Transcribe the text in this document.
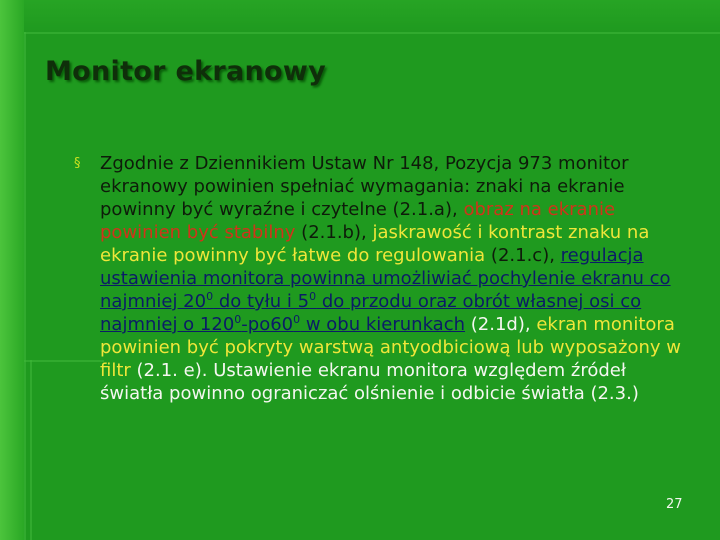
Monitor ekranowy
§ Zgodnie z Dziennikiem Ustaw Nr 148, Pozycja 973 monitor ekranowy powinien spełniać wymagania: znaki na ekranie powinny być wyraźne i czytelne (2.1.a), obraz na ekranie powinien być stabilny (2.1.b), jaskrawość i kontrast znaku na ekranie powinny być łatwe do regulowania (2.1.c), regulacja ustawienia monitora powinna umożliwiać pochylenie ekranu co najmniej $20^0$ do tyłu i $5^0$ do przodu oraz obrót własnej osi co najmniej o $120^0-po60^0$ w obu kierunkach (2.1d), ekran monitora powinien być pokryty warstwą antyodbiciową lub wyposażony w filtr (2.1. e). Ustawienie ekranu monitora względem źródeł światła powinno ograniczać olśnienie i odbicie światła (2.3.)

27
